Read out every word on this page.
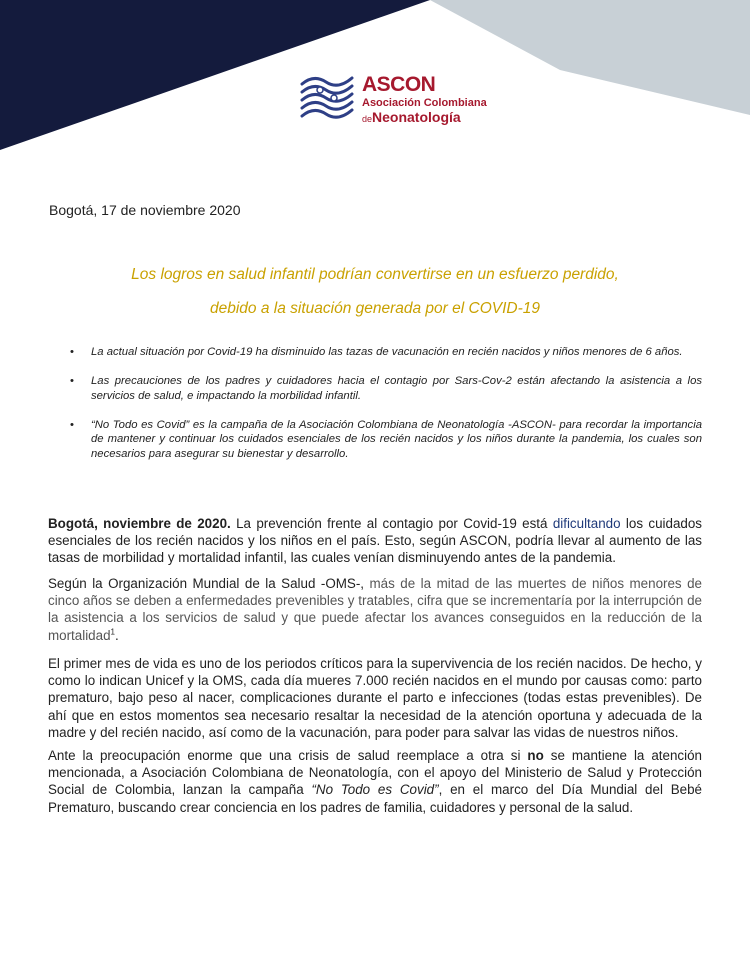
ASCON
Asociación Colombiana
deNeonatología
Bogotá, 17 de noviembre 2020
Los logros en salud infantil podrían convertirse en un esfuerzo perdido,
debido a la situación generada por el COVID-19
• La actual situación por Covid-19 ha disminuido las tazas de vacunación en recién nacidos y niños menores de 6 años.
• Las precauciones de los padres y cuidadores hacia el contagio por Sars-Cov-2 están afectando la asistencia a los servicios de salud, e impactando la morbilidad infantil.
• “No Todo es Covid” es la campaña de la Asociación Colombiana de Neonatología -ASCON- para recordar la importancia de mantener y continuar los cuidados esenciales de los recién nacidos y los niños durante la pandemia, los cuales son necesarios para asegurar su bienestar y desarrollo.

Bogotá, noviembre de 2020. La prevención frente al contagio por Covid-19 está dificultando los cuidados esenciales de los recién nacidos y los niños en el país. Esto, según ASCON, podría llevar al aumento de las tasas de morbilidad y mortalidad infantil, las cuales venían disminuyendo antes de la pandemia.

Según la Organización Mundial de la Salud -OMS-, más de la mitad de las muertes de niños menores de cinco años se deben a enfermedades prevenibles y tratables, cifra que se incrementaría por la interrupción de la asistencia a los servicios de salud y que puede afectar los avances conseguidos en la reducción de la mortalidad$^1$.

El primer mes de vida es uno de los periodos críticos para la supervivencia de los recién nacidos. De hecho, y como lo indican Unicef y la OMS, cada día mueres 7.000 recién nacidos en el mundo por causas como: parto prematuro, bajo peso al nacer, complicaciones durante el parto e infecciones (todas estas prevenibles). De ahí que en estos momentos sea necesario resaltar la necesidad de la atención oportuna y adecuada de la madre y del recién nacido, así como de la vacunación, para poder para salvar las vidas de nuestros niños.

Ante la preocupación enorme que una crisis de salud reemplace a otra si no se mantiene la atención mencionada, a Asociación Colombiana de Neonatología, con el apoyo del Ministerio de Salud y Protección Social de Colombia, lanzan la campaña “No Todo es Covid”, en el marco del Día Mundial del Bebé Prematuro, buscando crear conciencia en los padres de familia, cuidadores y personal de la salud.
